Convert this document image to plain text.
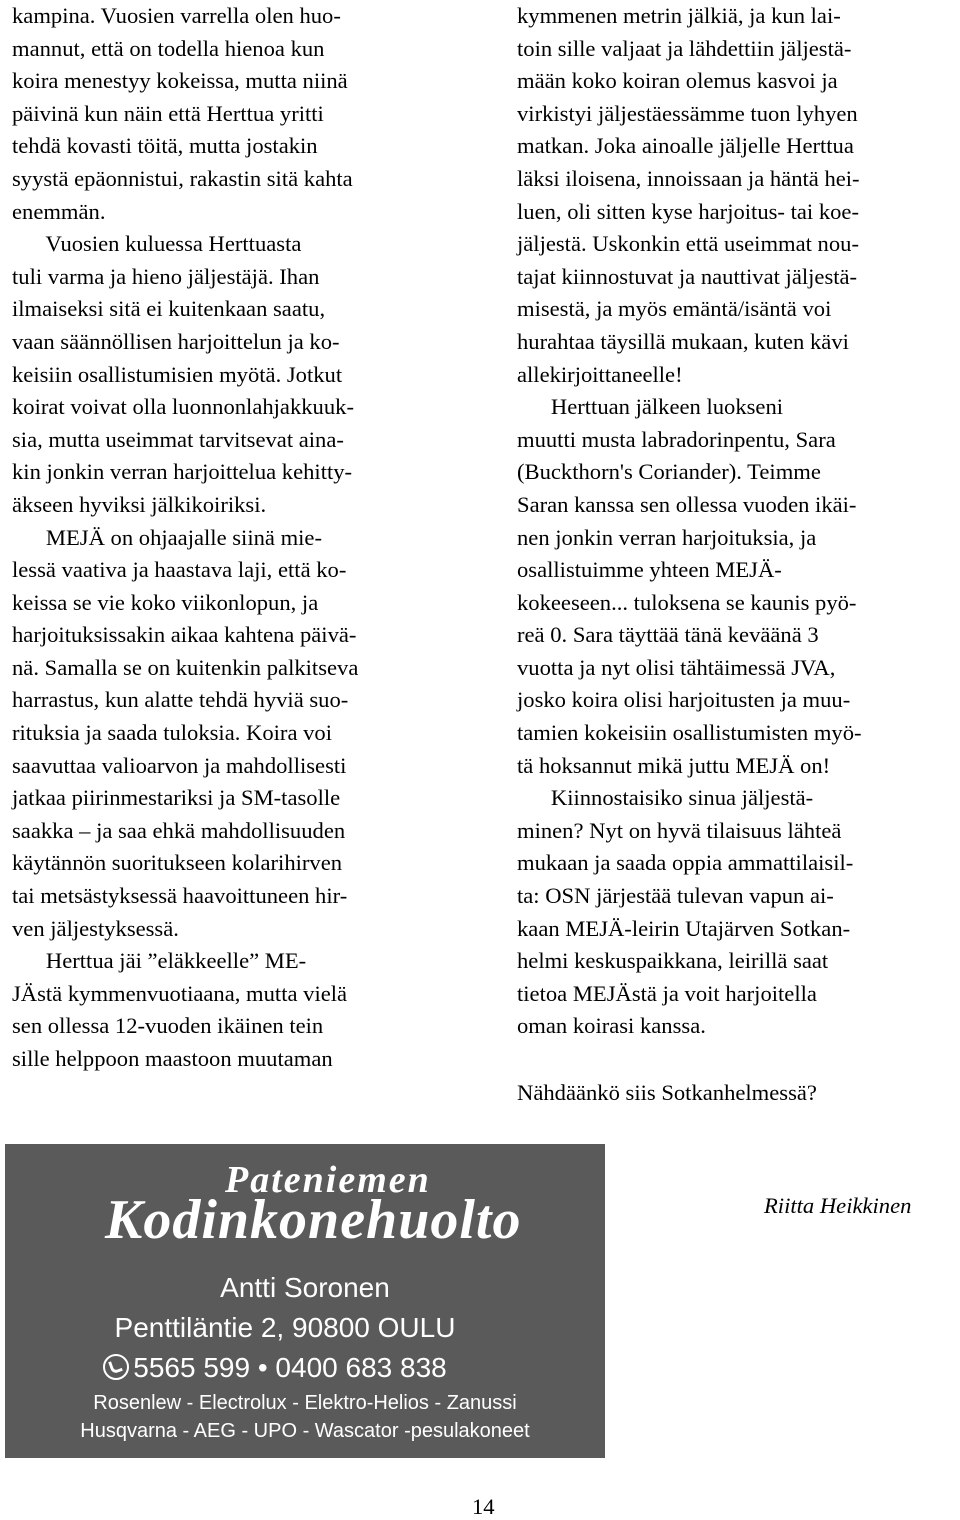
kampina. Vuosien varrella olen huo-

mannut, että on todella hienoa kun

koira menestyy kokeissa, mutta niinä

päivinä kun näin että Herttua yritti

tehdä kovasti töitä, mutta jostakin

syystä epäonnistui, rakastin sitä kahta

enemmän.

Vuosien kuluessa Herttuasta

tuli varma ja hieno jäljestäjä. Ihan

ilmaiseksi sitä ei kuitenkaan saatu,

vaan säännöllisen harjoittelun ja ko-

keisiin osallistumisien myötä. Jotkut

koirat voivat olla luonnonlahjakkuuk-

sia, mutta useimmat tarvitsevat aina-

kin jonkin verran harjoittelua kehitty-

äkseen hyviksi jälkikoiriksi.

MEJÄ on ohjaajalle siinä mie-

lessä vaativa ja haastava laji, että ko-

keissa se vie koko viikonlopun, ja

harjoituksissakin aikaa kahtena päivä-

nä. Samalla se on kuitenkin palkitseva

harrastus, kun alatte tehdä hyviä suo-

rituksia ja saada tuloksia. Koira voi

saavuttaa valioarvon ja mahdollisesti

jatkaa piirinmestariksi ja SM-tasolle

saakka – ja saa ehkä mahdollisuuden

käytännön suoritukseen kolarihirven

tai metsästyksessä haavoittuneen hir-

ven jäljestyksessä.

Herttua jäi ”eläkkeelle” ME-

JÄstä kymmenvuotiaana, mutta vielä

sen ollessa 12-vuoden ikäinen tein

sille helppoon maastoon muutaman

kymmenen metrin jälkiä, ja kun lai-

toin sille valjaat ja lähdettiin jäljestä-

mään koko koiran olemus kasvoi ja

virkistyi jäljestäessämme tuon lyhyen

matkan. Joka ainoalle jäljelle Herttua

läksi iloisena, innoissaan ja häntä hei-

luen, oli sitten kyse harjoitus- tai koe-

jäljestä. Uskonkin että useimmat nou-

tajat kiinnostuvat ja nauttivat jäljestä-

misestä, ja myös emäntä/isäntä voi

hurahtaa täysillä mukaan, kuten kävi

allekirjoittaneelle!

Herttuan jälkeen luokseni

muutti musta labradorinpentu, Sara

(Buckthorn's Coriander). Teimme

Saran kanssa sen ollessa vuoden ikäi-

nen jonkin verran harjoituksia, ja

osallistuimme yhteen MEJÄ-

kokeeseen... tuloksena se kaunis pyö-

reä 0. Sara täyttää tänä keväänä 3

vuotta ja nyt olisi tähtäimessä JVA,

josko koira olisi harjoitusten ja muu-

tamien kokeisiin osallistumisten myö-

tä hoksannut mikä juttu MEJÄ on!

Kiinnostaisiko sinua jäljestä-

minen? Nyt on hyvä tilaisuus lähteä

mukaan ja saada oppia ammattilaisil-

ta: OSN järjestää tulevan vapun ai-

kaan MEJÄ-leirin Utajärven Sotkan-

helmi keskuspaikkana, leirillä saat

tietoa MEJÄstä ja voit harjoitella

oman koirasi kanssa.

Nähdäänkö siis Sotkanhelmessä?

Pateniemen
Kodinkonehuolto
Antti Soronen
Penttiläntie 2, 90800 OULU
5565 599 • 0400 683 838
Rosenlew - Electrolux - Elektro-Helios - Zanussi
Husqvarna - AEG - UPO - Wascator -pesulakoneet
Riitta Heikkinen
14
